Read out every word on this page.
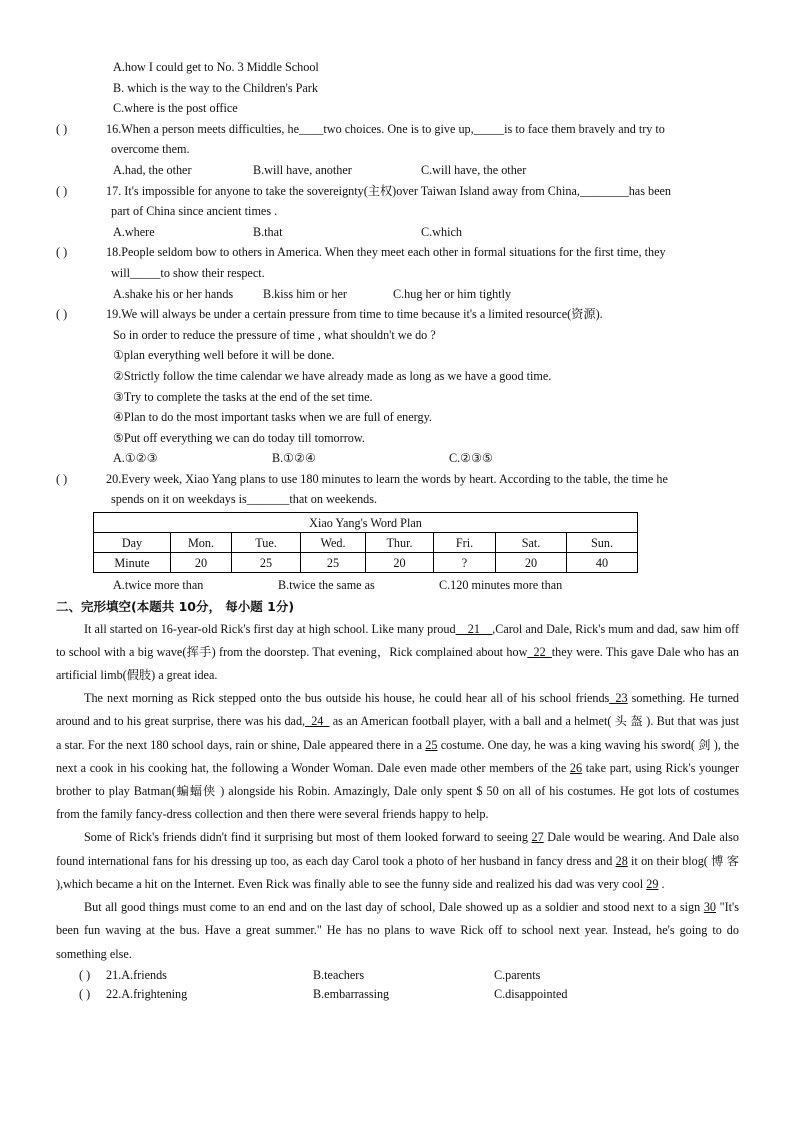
A.how I could get to No. 3 Middle School
B. which is the way to the Children's Park
C.where is the post office
( )	16.When a person meets difficulties, he____two choices. One is to give up,_____is to face them bravely and try to
overcome them.
A.had, the other	B.will have, another	C.will have, the other
( )	17. It's impossible for anyone to take the sovereignty(主权)over Taiwan Island away from China,________has been
part of China since ancient times .
A.where	B.that	C.which
( )	18.People seldom bow to others in America. When they meet each other in formal situations for the first time, they
will_____to show their respect.
A.shake his or her hands B.kiss him or her	C.hug her or him tightly
( )	19.We will always be under a certain pressure from time to time because it's a limited resource(资源).
So in order to reduce the pressure of time , what shouldn't we do ?
①plan everything well before it will be done.
②Strictly follow the time calendar we have already made as long as we have a good time.
③Try to complete the tasks at the end of the set time.
④Plan to do the most important tasks when we are full of energy.
⑤Put off everything we can do today till tomorrow.
A.①②③	B.①②④	C.②③⑤
( )	20.Every week, Xiao Yang plans to use 180 minutes to learn the words by heart. According to the table, the time he
spends on it on weekdays is_______that on weekends.
Xiao Yang's Word Plan							
Day	Mon.	Tue.	Wed.	Thur.	Fri.	Sat.	Sun.
Minute	20	25	25	20	?	20	40
A.twice more than	B.twice the same as	C.120 minutes more than
二、完形填空(本题共 10分， 每小题 1分)

It all started on 16-year-old Rick's first day at high school. Like many proud__21__,Carol and Dale, Rick's mum and dad, saw him off to school with a big wave(挥手) from the doorstep. That evening，Rick complained about how_22_they were. This gave Dale who has an artificial limb(假肢) a great idea.

The next morning as Rick stepped onto the bus outside his house, he could hear all of his school friends_23 something. He turned around and to his great surprise, there was his dad,_24_ as an American football player, with a ball and a helmet( 头 盔 ). But that was just a star. For the next 180 school days, rain or shine, Dale appeared there in a 25 costume. One day, he was a king waving his sword( 剑 ), the next a cook in his cooking hat, the following a Wonder Woman. Dale even made other members of the 26 take part, using Rick's younger brother to play Batman(蝙蝠侠 ) alongside his Robin. Amazingly, Dale only spent $ 50 on all of his costumes. He got lots of costumes from the family fancy-dress collection and then there were several friends happy to help.

Some of Rick's friends didn't find it surprising but most of them looked forward to seeing 27 Dale would be wearing. And Dale also found international fans for his dressing up too, as each day Carol took a photo of her husband in fancy dress and 28 it on their blog( 博 客 ),which became a hit on the Internet. Even Rick was finally able to see the funny side and realized his dad was very cool 29 .

But all good things must come to an end and on the last day of school, Dale showed up as a soldier and stood next to a sign 30 "It's been fun waving at the bus. Have a great summer." He has no plans to wave Rick off to school next year. Instead, he's going to do something else.

( ) 21.A.friends	B.teachers	C.parents
( ) 22.A.frightening	B.embarrassing	C.disappointed
